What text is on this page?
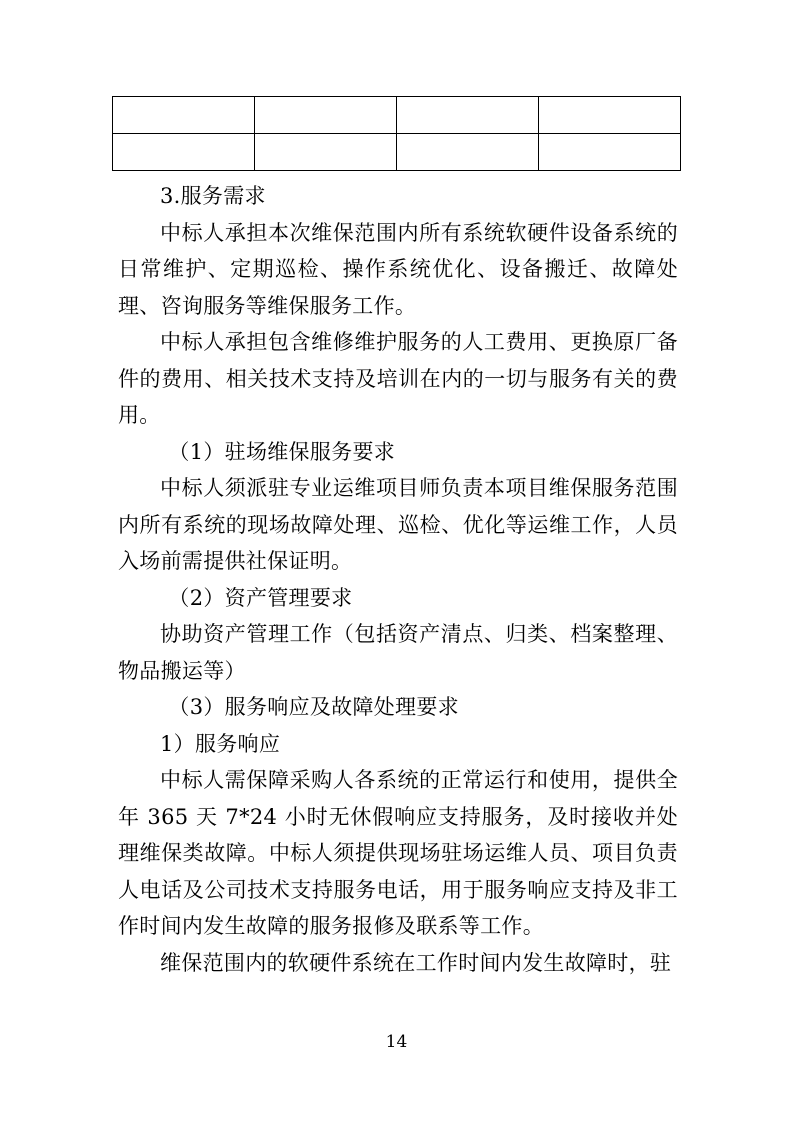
3.服务需求

中标人承担本次维保范围内所有系统软硬件设备系统的日常维护、定期巡检、操作系统优化、设备搬迁、故障处理、咨询服务等维保服务工作。

中标人承担包含维修维护服务的人工费用、更换原厂备件的费用、相关技术支持及培训在内的一切与服务有关的费用。

（1）驻场维保服务要求

中标人须派驻专业运维项目师负责本项目维保服务范围内所有系统的现场故障处理、巡检、优化等运维工作，人员入场前需提供社保证明。

（2）资产管理要求

协助资产管理工作（包括资产清点、归类、档案整理、物品搬运等）

（3）服务响应及故障处理要求

1）服务响应

中标人需保障采购人各系统的正常运行和使用，提供全年 365 天 7*24 小时无休假响应支持服务，及时接收并处理维保类故障。中标人须提供现场驻场运维人员、项目负责人电话及公司技术支持服务电话，用于服务响应支持及非工作时间内发生故障的服务报修及联系等工作。

维保范围内的软硬件系统在工作时间内发生故障时，驻

14
